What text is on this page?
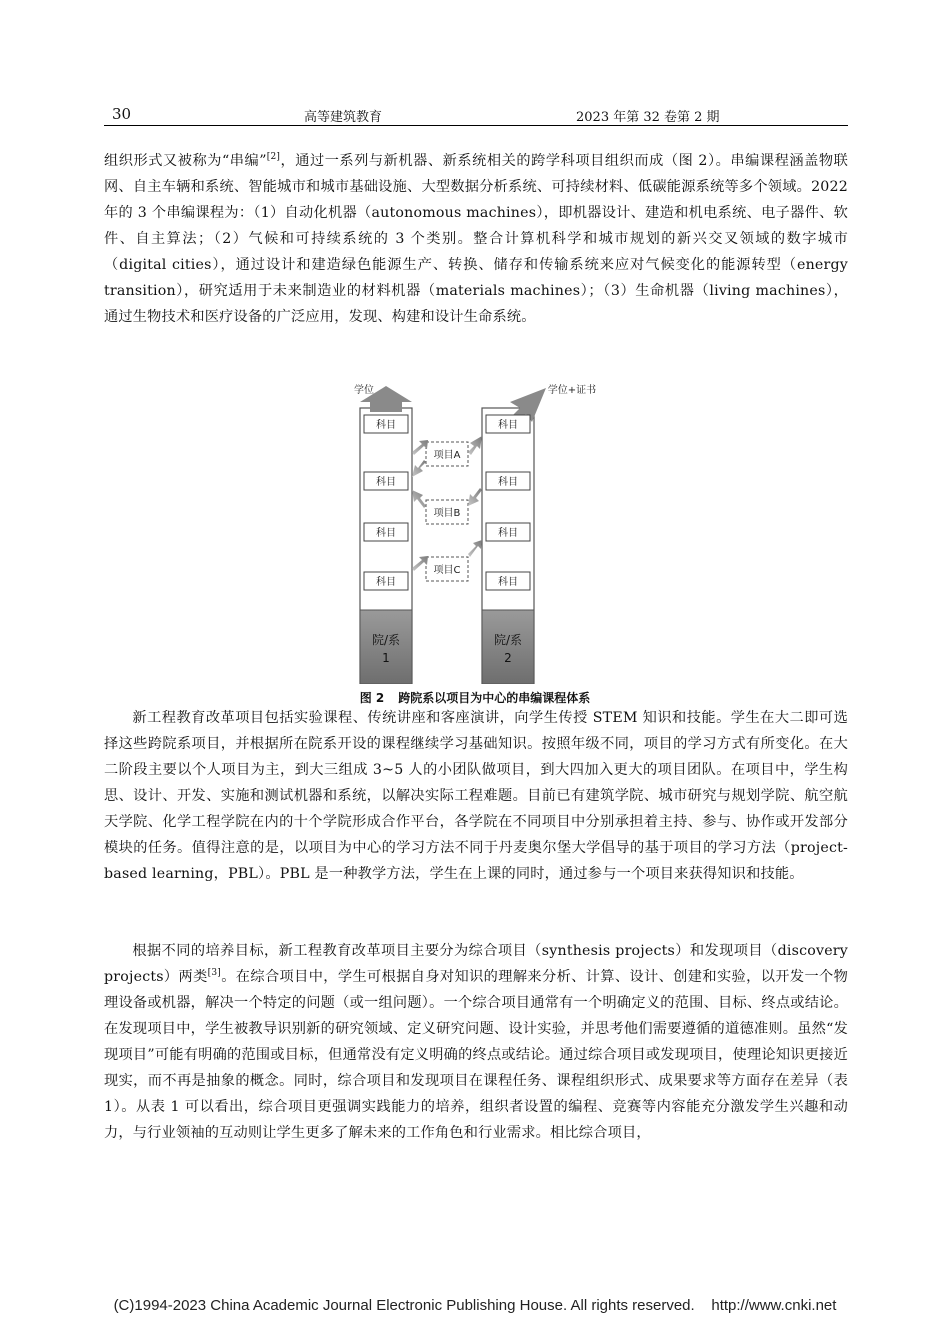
30	高等建筑教育	2023 年第 32 卷第 2 期

组织形式又被称为“串编”[2]，通过一系列与新机器、新系统相关的跨学科项目组织而成（图 2）。串编课程涵盖物联网、自主车辆和系统、智能城市和城市基础设施、大型数据分析系统、可持续材料、低碳能源系统等多个领域。2022 年的 3 个串编课程为：（1）自动化机器（autonomous machines），即机器设计、建造和机电系统、电子器件、软件、自主算法；（2）气候和可持续系统的 3 个类别。整合计算机科学和城市规划的新兴交叉领域的数字城市（digital cities），通过设计和建造绿色能源生产、转换、储存和传输系统来应对气候变化的能源转型（energy transition），研究适用于未来制造业的材料机器（materials machines）；（3）生命机器（living machines），通过生物技术和医疗设备的广泛应用，发现、构建和设计生命系统。

学位	学位+证书
科目
科目
科目
科目
科目
科目
科目
科目
项目A
项目B
项目C
院/系
1
院/系
2
图 2 跨院系以项目为中心的串编课程体系

新工程教育改革项目包括实验课程、传统讲座和客座演讲，向学生传授 STEM 知识和技能。学生在大二即可选择这些跨院系项目，并根据所在院系开设的课程继续学习基础知识。按照年级不同，项目的学习方式有所变化。在大二阶段主要以个人项目为主，到大三组成 3~5 人的小团队做项目，到大四加入更大的项目团队。在项目中，学生构思、设计、开发、实施和测试机器和系统，以解决实际工程难题。目前已有建筑学院、城市研究与规划学院、航空航天学院、化学工程学院在内的十个学院形成合作平台，各学院在不同项目中分别承担着主持、参与、协作或开发部分模块的任务。值得注意的是，以项目为中心的学习方法不同于丹麦奥尔堡大学倡导的基于项目的学习方法（project-based learning，PBL）。PBL 是一种教学方法，学生在上课的同时，通过参与一个项目来获得知识和技能。

根据不同的培养目标，新工程教育改革项目主要分为综合项目（synthesis projects）和发现项目（discovery projects）两类[3]。在综合项目中，学生可根据自身对知识的理解来分析、计算、设计、创建和实验，以开发一个物理设备或机器，解决一个特定的问题（或一组问题）。一个综合项目通常有一个明确定义的范围、目标、终点或结论。在发现项目中，学生被教导识别新的研究领域、定义研究问题、设计实验，并思考他们需要遵循的道德准则。虽然“发现项目”可能有明确的范围或目标，但通常没有定义明确的终点或结论。通过综合项目或发现项目，使理论知识更接近现实，而不再是抽象的概念。同时，综合项目和发现项目在课程任务、课程组织形式、成果要求等方面存在差异（表 1）。从表 1 可以看出，综合项目更强调实践能力的培养，组织者设置的编程、竞赛等内容能充分激发学生兴趣和动力，与行业领袖的互动则让学生更多了解未来的工作角色和行业需求。相比综合项目，

(C)1994-2023 China Academic Journal Electronic Publishing House. All rights reserved.    http://www.cnki.net
